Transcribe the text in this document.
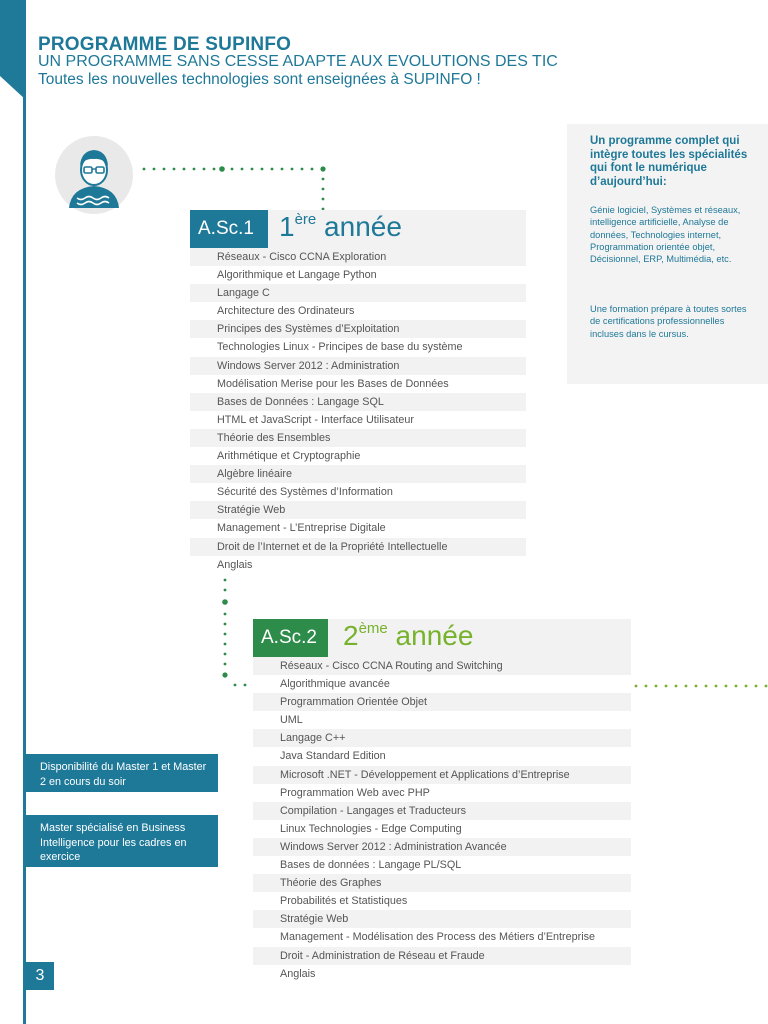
PROGRAMME DE SUPINFO
UN PROGRAMME SANS CESSE ADAPTE AUX EVOLUTIONS DES TIC
Toutes les nouvelles technologies sont enseignées à SUPINFO !
Un programme complet qui intègre toutes les spécialités qui font le numérique d’aujourd’hui:
Génie logiciel, Systèmes et réseaux, intelligence artificielle, Analyse de données, Technologies internet, Programmation orientée objet, Décisionnel, ERP, Multimédia, etc.
Une formation prépare à toutes sortes de certifications professionnelles incluses dans le cursus.
A.Sc.1 1ère année
Réseaux - Cisco CCNA Exploration
Algorithmique et Langage Python
Langage C
Architecture des Ordinateurs
Principes des Systèmes d’Exploitation
Technologies Linux - Principes de base du système
Windows Server 2012 : Administration
Modélisation Merise pour les Bases de Données
Bases de Données : Langage SQL
HTML et JavaScript - Interface Utilisateur
Théorie des Ensembles
Arithmétique et Cryptographie
Algèbre linéaire
Sécurité des Systèmes d’Information
Stratégie Web
Management - L’Entreprise Digitale
Droit de l’Internet et de la Propriété Intellectuelle
Anglais
A.Sc.2 2ème année
Réseaux - Cisco CCNA Routing and Switching
Algorithmique avancée
Programmation Orientée Objet
UML
Langage C++
Java Standard Edition
Microsoft .NET - Développement et Applications d’Entreprise
Programmation Web avec PHP
Compilation - Langages et Traducteurs
Linux Technologies - Edge Computing
Windows Server 2012 : Administration Avancée
Bases de données : Langage PL/SQL
Théorie des Graphes
Probabilités et Statistiques
Stratégie Web
Management - Modélisation des Process des Métiers d’Entreprise
Droit - Administration de Réseau et Fraude
Anglais
Disponibilité du Master 1 et Master 2 en cours du soir
Master spécialisé en Business Intelligence pour les cadres en exercice
3
